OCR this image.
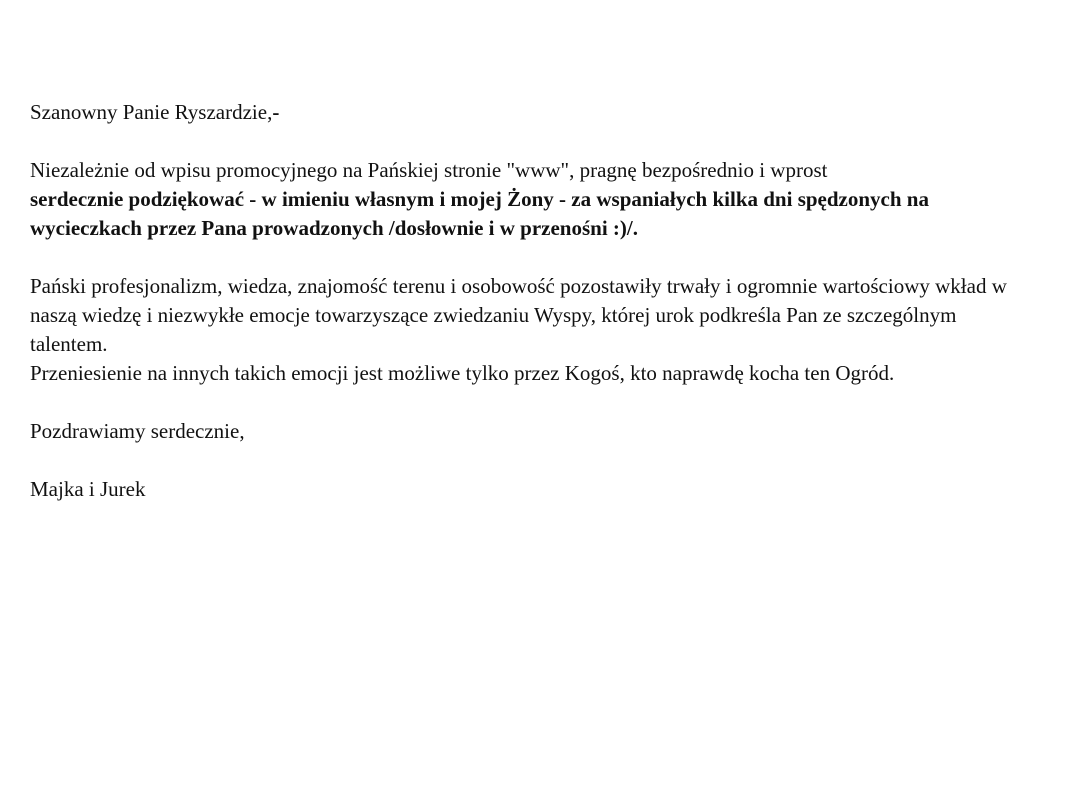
Szanowny Panie Ryszardzie,-

Niezależnie od wpisu promocyjnego na Pańskiej stronie "www", pragnę bezpośrednio i wprost
serdecznie podziękować - w imieniu własnym i mojej Żony - za wspaniałych kilka dni spędzonych na wycieczkach przez Pana prowadzonych /dosłownie i w przenośni :)/.

Pański profesjonalizm, wiedza, znajomość terenu i osobowość pozostawiły trwały i ogromnie wartościowy wkład w naszą wiedzę i niezwykłe emocje towarzyszące zwiedzaniu Wyspy, której urok podkreśla Pan ze szczególnym talentem.

Przeniesienie na innych takich emocji jest możliwe tylko przez Kogoś, kto naprawdę kocha ten Ogród.

Pozdrawiamy serdecznie,

Majka i Jurek
